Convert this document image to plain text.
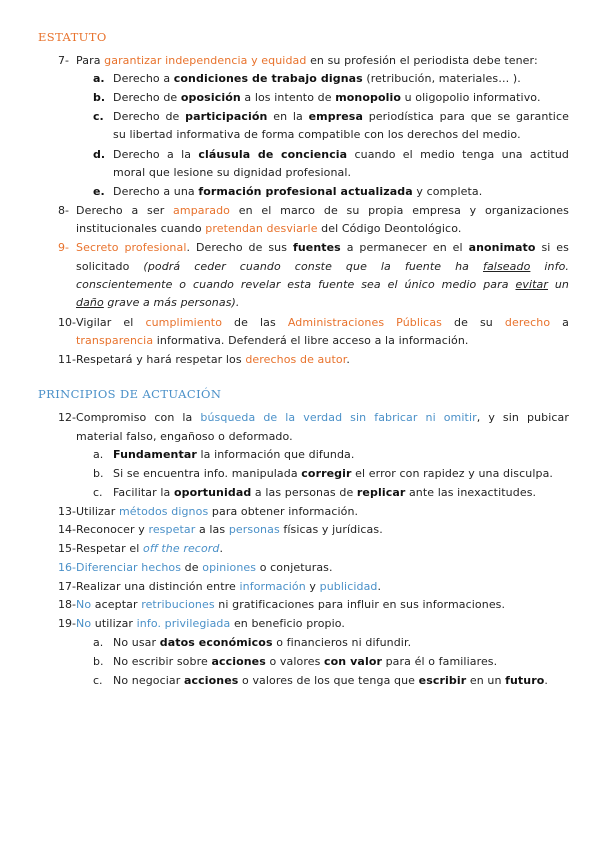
ESTATUTO
7- Para garantizar independencia y equidad en su profesión el periodista debe tener:
a. Derecho a condiciones de trabajo dignas (retribución, materiales… ).
b. Derecho de oposición a los intento de monopolio u oligopolio informativo.
c. Derecho de participación en la empresa periodística para que se garantice
su libertad informativa de forma compatible con los derechos del medio.
d. Derecho a la cláusula de conciencia cuando el medio tenga una actitud
moral que lesione su dignidad profesional.
e. Derecho a una formación profesional actualizada y completa.
8- Derecho a ser amparado en el marco de su propia empresa y organizaciones
institucionales cuando pretendan desviarle del Código Deontológico.
9- Secreto profesional. Derecho de sus fuentes a permanecer en el anonimato si es
solicitado (podrá ceder cuando conste que la fuente ha falseado info.
conscientemente o cuando revelar esta fuente sea el único medio para evitar un
daño grave a más personas).
10- Vigilar el cumplimiento de las Administraciones Públicas de su derecho a
transparencia informativa. Defenderá el libre acceso a la información.
11- Respetará y hará respetar los derechos de autor.
PRINCIPIOS DE ACTUACIÓN
12- Compromiso con la búsqueda de la verdad sin fabricar ni omitir, y sin pubicar
material falso, engañoso o deformado.
a. Fundamentar la información que difunda.
b. Si se encuentra info. manipulada corregir el error con rapidez y una disculpa.
c. Facilitar la oportunidad a las personas de replicar ante las inexactitudes.
13- Utilizar métodos dignos para obtener información.
14- Reconocer y respetar a las personas físicas y jurídicas.
15- Respetar el off the record.
16- Diferenciar hechos de opiniones o conjeturas.
17- Realizar una distinción entre información y publicidad.
18- No aceptar retribuciones ni gratificaciones para influir en sus informaciones.
19- No utilizar info. privilegiada en beneficio propio.
a. No usar datos económicos o financieros ni difundir.
b. No escribir sobre acciones o valores con valor para él o familiares.
c. No negociar acciones o valores de los que tenga que escribir en un futuro.
